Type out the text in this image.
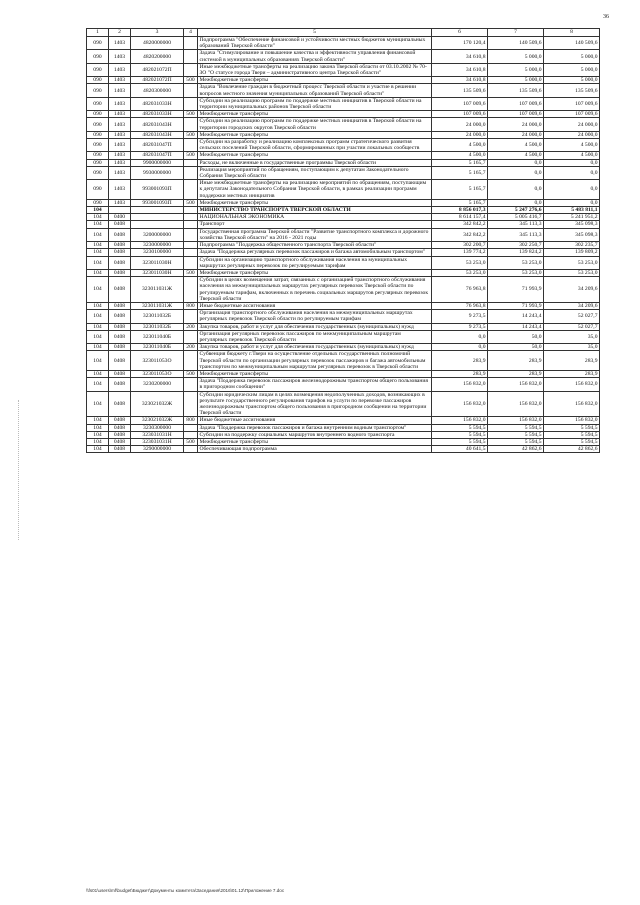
36
1	2	3	4	5	6	7	8
090	1403	4820000000		Подпрограмма "Обеспечение финансовой и устойчивости местных бюджетов муниципальных образований Тверской области"	170 120,4	140 509,6	140 509,6
090	1403	4820200000		Задача "Стимулирование и повышение качества и эффективности управления финансовой системой в муниципальных образованиях Тверской области"	34 610,8	5 000,0	5 000,0
090	1403	482021072П		Иные межбюджетные трансферты на реализацию закона Тверской области от 03.10.2002 № 70-ЗО "О статусе города Твери – административного центра Тверской области"	34 610,8	5 000,0	5 000,0
090	1403	482021072П	500	Межбюджетные трансферты	34 610,8	5 000,0	5 000,0
090	1403	4820300000		Задача "Вовлечение граждан в бюджетный процесс Тверской области и участие в решении вопросов местного значения муниципальных образований Тверской области"	135 509,6	135 509,6	135 509,6
090	1403	482031033Н		Субсидии на реализацию программ по поддержке местных инициатив в Тверской области на территории муниципальных районов Тверской области	107 009,6	107 009,6	107 009,6
090	1403	482031033Н	500	Межбюджетные трансферты	107 009,6	107 009,6	107 009,6
090	1403	482031043Н		Субсидии на реализацию программ по поддержке местных инициатив в Тверской области на территории городских округов Тверской области	24 000,0	24 000,0	24 000,0
090	1403	482031043Н	500	Межбюджетные трансферты	24 000,0	24 000,0	24 000,0
090	1403	482031047П		Субсидии на разработку и реализацию комплексных программ стратегического развития сельских поселений Тверской области, сформированных при участии локальных сообществ	4 500,0	4 500,0	4 500,0
090	1403	482031047П	500	Межбюджетные трансферты	4 500,0	4 500,0	4 500,0
090	1403	9900000000		Расходы, не включенные в государственные программы Тверской области	5 165,7	0,0	0,0
090	1403	9930000000		Реализация мероприятий по обращениям, поступающим к депутатам Законодательного Собрания Тверской области	5 165,7	0,0	0,0
090	1403	993001093П		Иные межбюджетные трансферты на реализацию мероприятий по обращениям, поступающим к депутатам Законодательного Собрания Тверской области, в рамках реализации программ поддержки местных инициатив	5 165,7	0,0	0,0
090	1403	993001093П	500	Межбюджетные трансферты	5 165,7	0,0	0,0
104				МИНИСТЕРСТВО ТРАНСПОРТА ТВЕРСКОЙ ОБЛАСТИ	8 856 017,3	5 247 276,6	5 483 811,1
104	0400			НАЦИОНАЛЬНАЯ ЭКОНОМИКА	8 614 157,4	5 005 416,7	5 241 951,2
104	0408			Транспорт	342 842,2	345 113,3	345 098,3
104	0408	3200000000		Государственная программа Тверской области "Развитие транспортного комплекса и дорожного хозяйства Тверской области" на 2016 - 2021 годы	342 842,2	345 113,3	345 098,3
104	0408	3230000000		Подпрограмма "Поддержка общественного транспорта Тверской области"	302 200,7	302 250,7	302 235,7
104	0408	3230100000		Задача "Поддержка регулярных перевозок пассажиров и багажа автомобильным транспортом"	139 774,2	139 824,2	139 809,2
104	0408	323011030Н		Субсидии на организацию транспортного обслуживания населения на муниципальных маршрутах регулярных перевозок по регулируемым тарифам	53 253,0	53 253,0	53 253,0
104	0408	323011030Н	500	Межбюджетные трансферты	53 253,0	53 253,0	53 253,0
104	0408	323011031Ж		Субсидии в целях возмещения затрат, связанных с организацией транспортного обслуживания населения на межмуниципальных маршрутах регулярных перевозок Тверской области по регулируемым тарифам, включенных в перечень социальных маршрутов регулярных перевозок Тверской области	76 963,8	71 993,9	34 209,6
104	0408	323011031Ж	800	Иные бюджетные ассигнования	76 963,8	71 993,9	34 209,6
104	0408	323011032Б		Организация транспортного обслуживания населения на межмуниципальных маршрутах регулярных перевозок Тверской области по регулируемым тарифам	9 273,5	14 243,4	52 027,7
104	0408	323011032Б	200	Закупка товаров, работ и услуг для обеспечения государственных (муниципальных) нужд	9 273,5	14 243,4	52 027,7
104	0408	323011040Б		Организация регулярных перевозок пассажиров по межмуниципальным маршрутам регулярных перевозок Тверской области	0,0	50,0	35,0
104	0408	323011040Б	200	Закупка товаров, работ и услуг для обеспечения государственных (муниципальных) нужд	0,0	50,0	35,0
104	0408	323011053О		Субвенция бюджету г.Твери на осуществление отдельных государственных полномочий Тверской области по организации регулярных перевозок пассажиров и багажа автомобильным транспортом по межмуниципальным маршрутам регулярных перевозок в Тверской области	283,9	283,9	283,9
104	0408	323011053О	500	Межбюджетные трансферты	283,9	283,9	283,9
104	0408	3230200000		Задача "Поддержка перевозок пассажиров железнодорожным транспортом общего пользования в пригородном сообщении"	156 832,0	156 832,0	156 832,0
104	0408	323021032Ж		Субсидии юридическим лицам в целях возмещения недополученных доходов, возникающих в результате государственного регулирования тарифов на услуги по перевозке пассажиров железнодорожным транспортом общего пользования в пригородном сообщении на территории Тверской области	156 832,0	156 832,0	156 832,0
104	0408	323021032Ж	800	Иные бюджетные ассигнования	156 832,0	156 832,0	156 832,0
104	0408	3230300000		Задача "Поддержка перевозок пассажиров и багажа внутренним водным транспортом"	5 594,5	5 594,5	5 594,5
104	0408	323031031Н		Субсидии на поддержку социальных маршрутов внутреннего водного транспорта	5 594,5	5 594,5	5 594,5
104	0408	323031031Н	500	Межбюджетные трансферты	5 594,5	5 594,5	5 594,5
104	0408	3290000000		Обеспечивающая подпрограмма	40 641,5	42 862,6	42 862,6
\\fs01\users\mf\budget\Бюджет\Документы комитета\Заседания\2016\01.12\Приложение 7.doc
